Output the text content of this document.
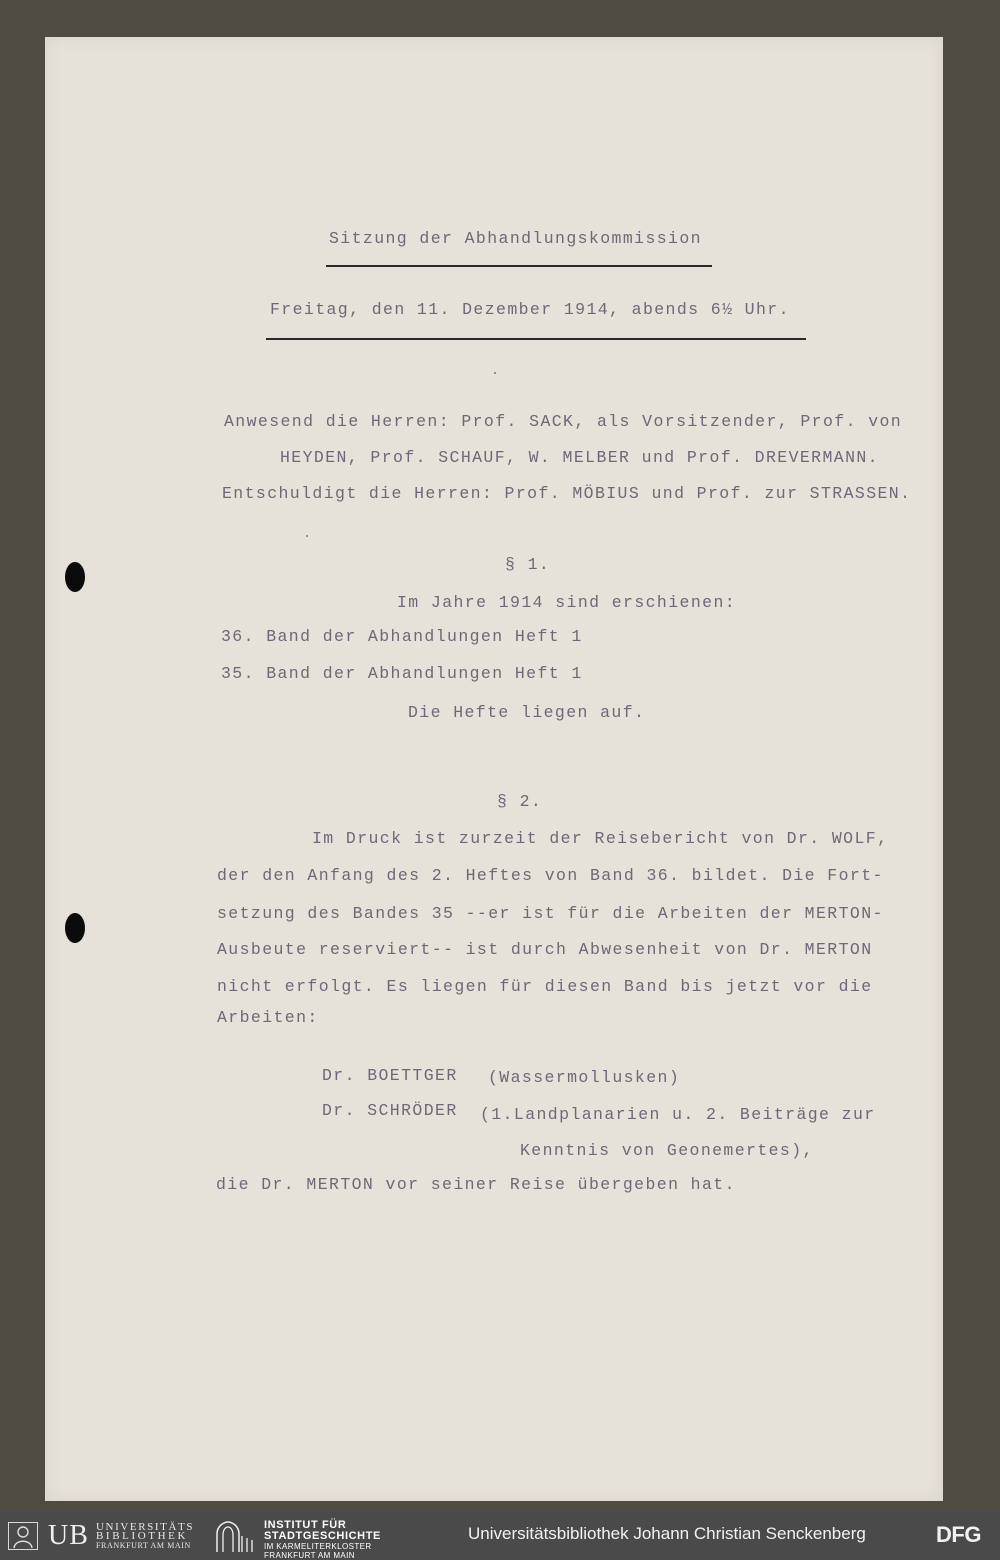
Sitzung der Abhandlungskommission
Freitag, den 11. Dezember 1914, abends 6½ Uhr.
Anwesend die Herren: Prof. SACK, als Vorsitzender, Prof. von
HEYDEN, Prof. SCHAUF, W. MELBER und Prof. DREVERMANN.
Entschuldigt die Herren: Prof. MÖBIUS und Prof. zur STRASSEN.
§ 1.
Im Jahre 1914 sind erschienen:
36. Band der Abhandlungen Heft 1
35. Band der Abhandlungen Heft 1
Die Hefte liegen auf.
§ 2.
Im Druck ist zurzeit der Reisebericht von Dr. WOLF,
der den Anfang des 2. Heftes von Band 36. bildet. Die Fort-
setzung des Bandes 35 --er ist für die Arbeiten der MERTON-
Ausbeute reserviert-- ist durch Abwesenheit von Dr. MERTON
nicht erfolgt. Es liegen für diesen Band bis jetzt vor die
Arbeiten:
Dr. BOETTGER (Wassermollusken)
Dr. SCHRÖDER (1.Landplanarien u. 2. Beiträge zur
Kenntnis von Geonemertes),
die Dr. MERTON vor seiner Reise übergeben hat.
UB UNIVERSITÄTS
BIBLIOTHEK
FRANKFURT AM MAIN
INSTITUT FÜR
STADTGESCHICHTE
IM KARMELITERKLOSTER
FRANKFURT AM MAIN
Universitätsbibliothek Johann Christian Senckenberg	DFG
